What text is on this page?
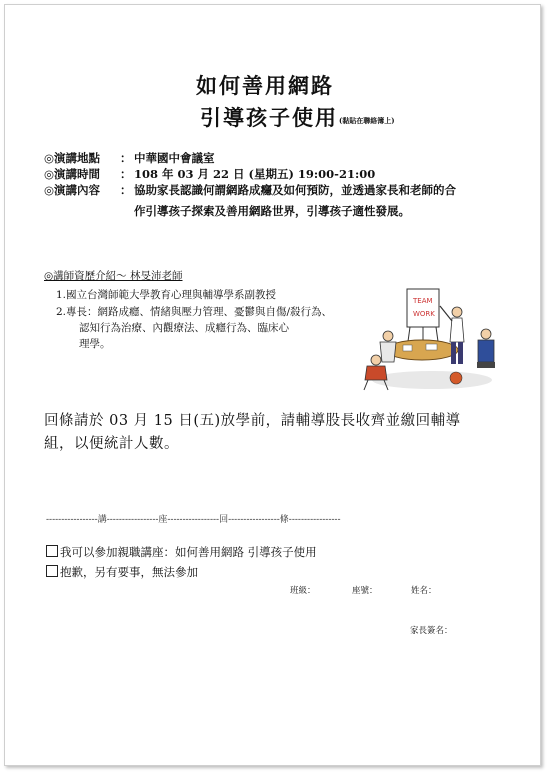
如何善用網路
引導孩子使用 (黏貼在聯絡簿上)
◎演講地點 ： 中華國中會議室
◎演講時間 ： 108 年 03 月 22 日 (星期五) 19:00-21:00
◎演講內容 ： 協助家長認識何謂網路成癮及如何預防，並透過家長和老師的合
作引導孩子探索及善用網路世界，引導孩子適性發展。
◎講師資歷介紹～ 林旻沛老師
1.國立台灣師範大學教育心理與輔導學系副教授
2.專長：網路成癮、情緒與壓力管理、憂鬱與自傷/殺行為、
認知行為治療、內觀療法、成癮行為、臨床心
理學。
TEAM
WORK
回條請於 03 月 15 日(五)放學前，請輔導股長收齊並繳回輔導
組，以便統計人數。
-----------------講-----------------座-----------------回-----------------條-----------------
我可以參加親職講座：如何善用網路 引導孩子使用
抱歉，另有要事，無法參加
班級：	座號：	姓名：
家長簽名：
